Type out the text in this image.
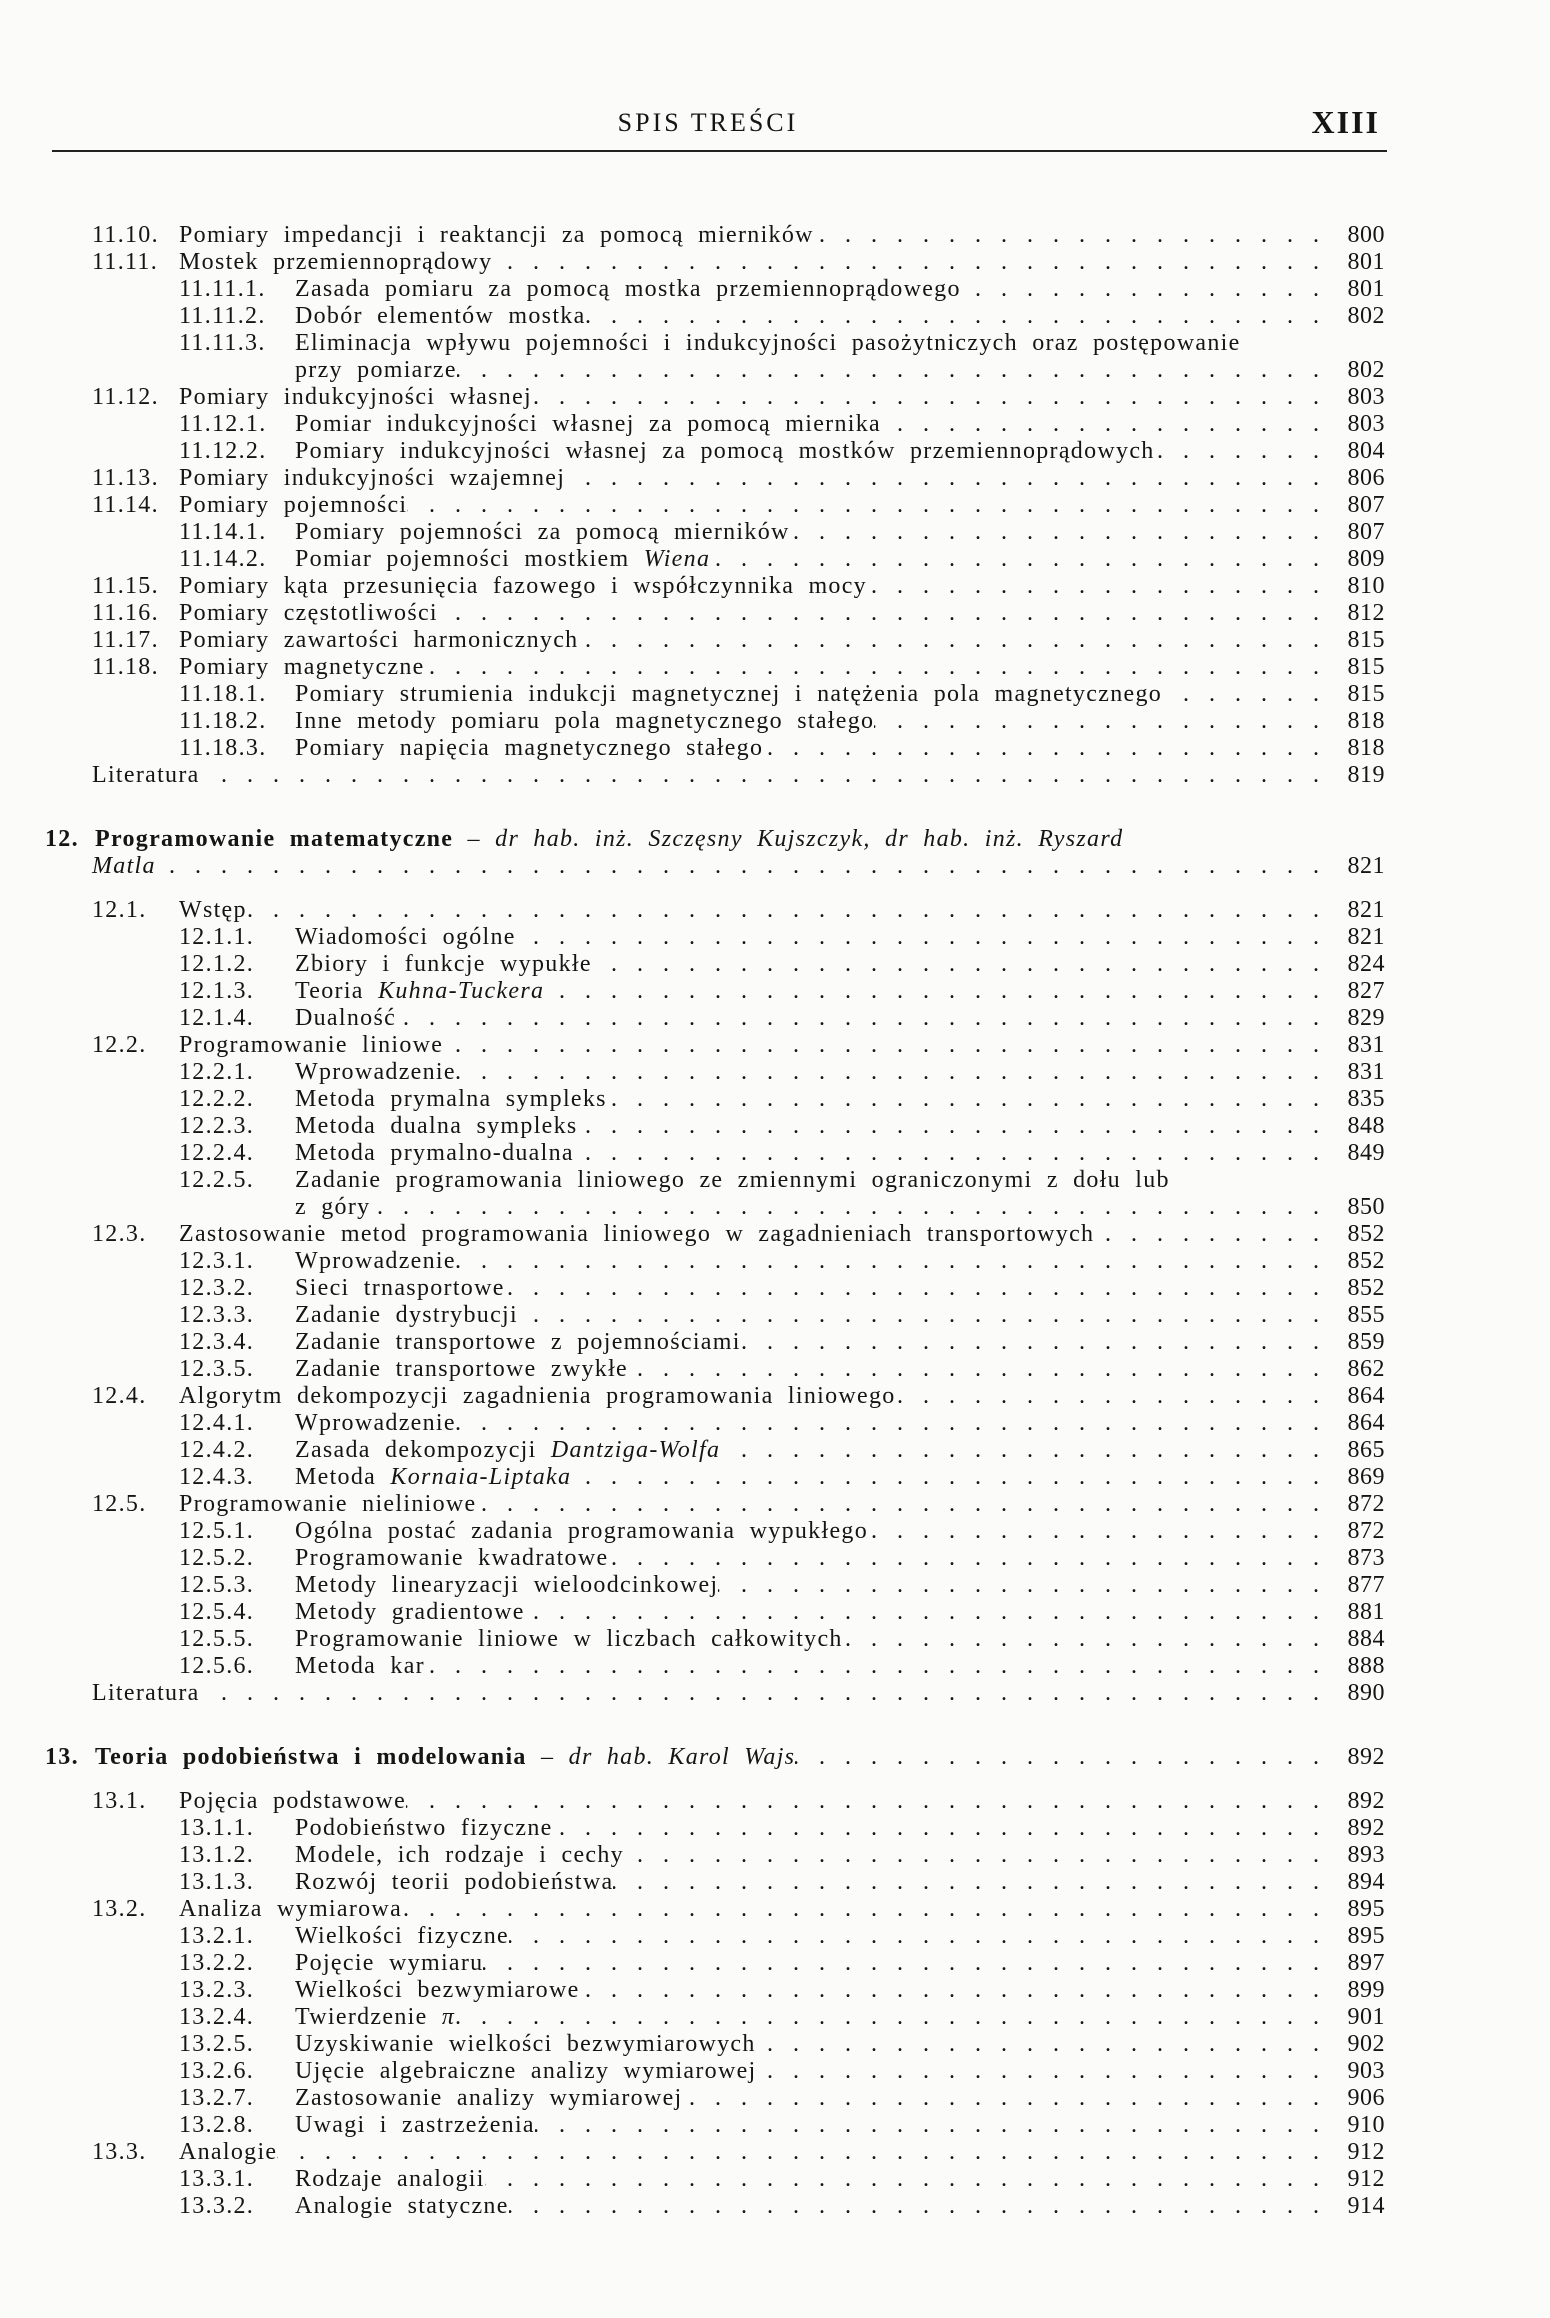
SPIS TREŚCI	XIII
11.10. Pomiary impedancji i reaktancji za pomocą mierników . . .	800
11.11. Mostek przemiennoprądowy . . .	801
11.11.1. Zasada pomiaru za pomocą mostka przemiennoprądowego . . .	801
11.11.2. Dobór elementów mostka . . .	802
11.11.3. Eliminacja wpływu pojemności i indukcyjności pasożytniczych oraz postępowanie
przy pomiarze . . .	802
11.12. Pomiary indukcyjności własnej . . .	803
11.12.1. Pomiar indukcyjności własnej za pomocą miernika . . .	803
11.12.2. Pomiary indukcyjności własnej za pomocą mostków przemiennoprądowych . . .	804
11.13. Pomiary indukcyjności wzajemnej . . .	806
11.14. Pomiary pojemności . . .	807
11.14.1. Pomiary pojemności za pomocą mierników . . .	807
11.14.2. Pomiar pojemności mostkiem Wiena . . .	809
11.15. Pomiary kąta przesunięcia fazowego i współczynnika mocy . . .	810
11.16. Pomiary częstotliwości . . .	812
11.17. Pomiary zawartości harmonicznych . . .	815
11.18. Pomiary magnetyczne . . .	815
11.18.1. Pomiary strumienia indukcji magnetycznej i natężenia pola magnetycznego . . .	815
11.18.2. Inne metody pomiaru pola magnetycznego stałego . . .	818
11.18.3. Pomiary napięcia magnetycznego stałego . . .	818
Literatura . . .	819
12. Programowanie matematyczne – dr hab. inż. Szczęsny Kujszczyk, dr hab. inż. Ryszard
Matla . . .	821
12.1. Wstęp . . .	821
12.1.1. Wiadomości ogólne . . .	821
12.1.2. Zbiory i funkcje wypukłe . . .	824
12.1.3. Teoria Kuhna-Tuckera . . .	827
12.1.4. Dualność . . .	829
12.2. Programowanie liniowe . . .	831
12.2.1. Wprowadzenie . . .	831
12.2.2. Metoda prymalna sympleks . . .	835
12.2.3. Metoda dualna sympleks . . .	848
12.2.4. Metoda prymalno-dualna . . .	849
12.2.5. Zadanie programowania liniowego ze zmiennymi ograniczonymi z dołu lub
z góry . . .	850
12.3. Zastosowanie metod programowania liniowego w zagadnieniach transportowych . . .	852
12.3.1. Wprowadzenie . . .	852
12.3.2. Sieci trnasportowe . . .	852
12.3.3. Zadanie dystrybucji . . .	855
12.3.4. Zadanie transportowe z pojemnościami . . .	859
12.3.5. Zadanie transportowe zwykłe . . .	862
12.4. Algorytm dekompozycji zagadnienia programowania liniowego . . .	864
12.4.1. Wprowadzenie . . .	864
12.4.2. Zasada dekompozycji Dantziga-Wolfa . . .	865
12.4.3. Metoda Kornaia-Liptaka . . .	869
12.5. Programowanie nieliniowe . . .	872
12.5.1. Ogólna postać zadania programowania wypukłego . . .	872
12.5.2. Programowanie kwadratowe . . .	873
12.5.3. Metody linearyzacji wieloodcinkowej . . .	877
12.5.4. Metody gradientowe . . .	881
12.5.5. Programowanie liniowe w liczbach całkowitych . . .	884
12.5.6. Metoda kar . . .	888
Literatura . . .	890
13. Teoria podobieństwa i modelowania – dr hab. Karol Wajs . . .	892
13.1. Pojęcia podstawowe . . .	892
13.1.1. Podobieństwo fizyczne . . .	892
13.1.2. Modele, ich rodzaje i cechy . . .	893
13.1.3. Rozwój teorii podobieństwa . . .	894
13.2. Analiza wymiarowa . . .	895
13.2.1. Wielkości fizyczne . . .	895
13.2.2. Pojęcie wymiaru . . .	897
13.2.3. Wielkości bezwymiarowe . . .	899
13.2.4. Twierdzenie π . . .	901
13.2.5. Uzyskiwanie wielkości bezwymiarowych . . .	902
13.2.6. Ujęcie algebraiczne analizy wymiarowej . . .	903
13.2.7. Zastosowanie analizy wymiarowej . . .	906
13.2.8. Uwagi i zastrzeżenia . . .	910
13.3. Analogie . . .	912
13.3.1. Rodzaje analogii . . .	912
13.3.2. Analogie statyczne . . .	914
